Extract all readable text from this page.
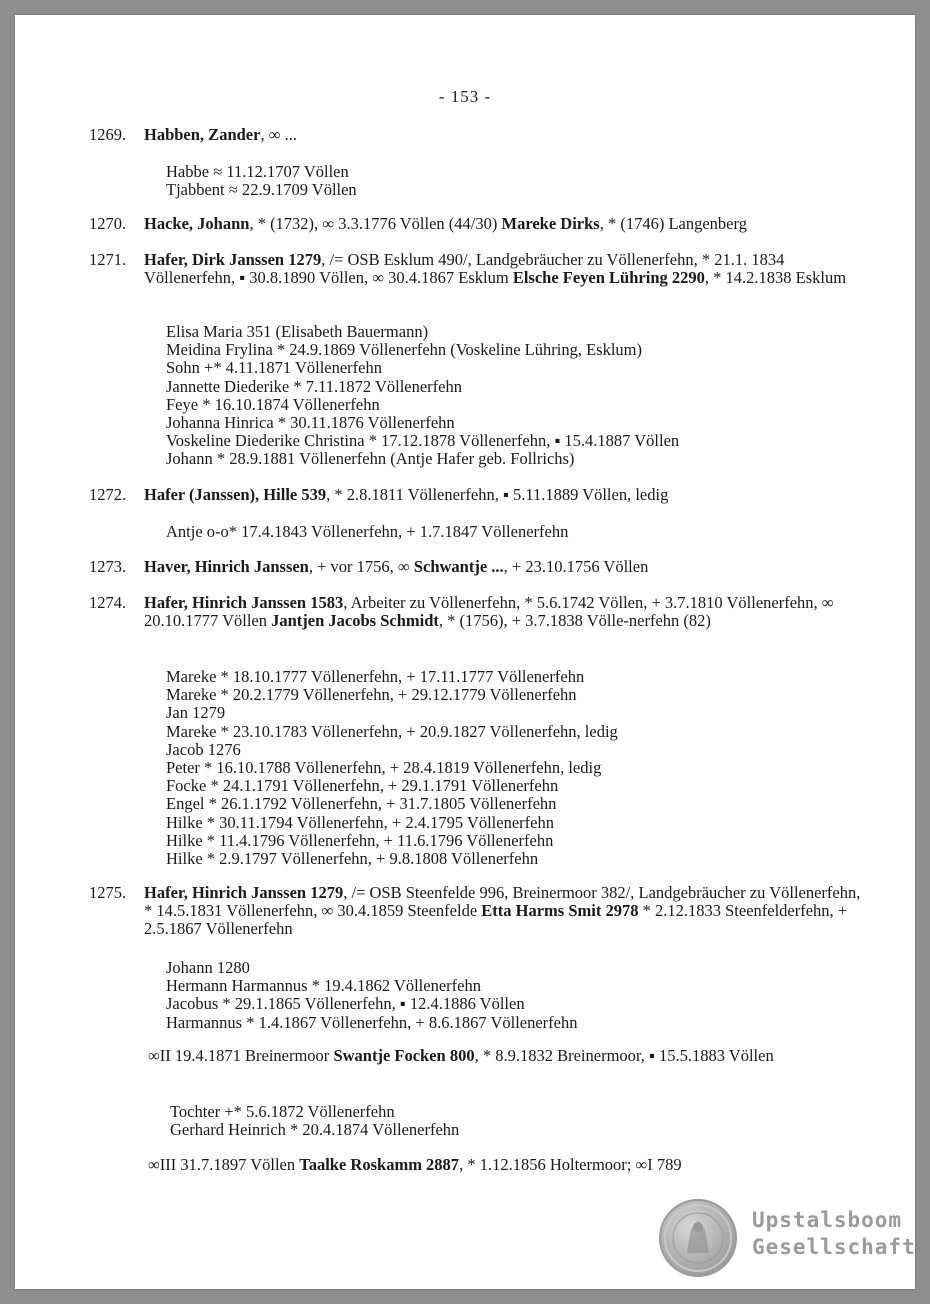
- 153 -
1269. Habben, Zander, ∞ ...
Habbe ≈ 11.12.1707 Völlen
Tjabbent ≈ 22.9.1709 Völlen
1270. Hacke, Johann, * (1732), ∞ 3.3.1776 Völlen (44/30) Mareke Dirks, * (1746) Langenberg
1271. Hafer, Dirk Janssen 1279, /= OSB Esklum 490/, Landgebräucher zu Völlenerfehn, * 21.1. 1834 Völlenerfehn, ▪ 30.8.1890 Völlen, ∞ 30.4.1867 Esklum Elsche Feyen Lühring 2290, * 14.2.1838 Esklum
Elisa Maria 351 (Elisabeth Bauermann)
Meidina Frylina * 24.9.1869 Völlenerfehn (Voskeline Lühring, Esklum)
Sohn +* 4.11.1871 Völlenerfehn
Jannette Diederike * 7.11.1872 Völlenerfehn
Feye * 16.10.1874 Völlenerfehn
Johanna Hinrica * 30.11.1876 Völlenerfehn
Voskeline Diederike Christina * 17.12.1878 Völlenerfehn, ▪ 15.4.1887 Völlen
Johann * 28.9.1881 Völlenerfehn (Antje Hafer geb. Follrichs)
1272. Hafer (Janssen), Hille 539, * 2.8.1811 Völlenerfehn, ▪ 5.11.1889 Völlen, ledig
Antje o-o* 17.4.1843 Völlenerfehn, + 1.7.1847 Völlenerfehn
1273. Haver, Hinrich Janssen, + vor 1756, ∞ Schwantje ..., + 23.10.1756 Völlen
1274. Hafer, Hinrich Janssen 1583, Arbeiter zu Völlenerfehn, * 5.6.1742 Völlen, + 3.7.1810 Völlenerfehn, ∞ 20.10.1777 Völlen Jantjen Jacobs Schmidt, * (1756), + 3.7.1838 Völle-nerfehn (82)
Mareke * 18.10.1777 Völlenerfehn, + 17.11.1777 Völlenerfehn
Mareke * 20.2.1779 Völlenerfehn, + 29.12.1779 Völlenerfehn
Jan 1279
Mareke * 23.10.1783 Völlenerfehn, + 20.9.1827 Völlenerfehn, ledig
Jacob 1276
Peter * 16.10.1788 Völlenerfehn, + 28.4.1819 Völlenerfehn, ledig
Focke * 24.1.1791 Völlenerfehn, + 29.1.1791 Völlenerfehn
Engel * 26.1.1792 Völlenerfehn, + 31.7.1805 Völlenerfehn
Hilke * 30.11.1794 Völlenerfehn, + 2.4.1795 Völlenerfehn
Hilke * 11.4.1796 Völlenerfehn, + 11.6.1796 Völlenerfehn
Hilke * 2.9.1797 Völlenerfehn, + 9.8.1808 Völlenerfehn
1275. Hafer, Hinrich Janssen 1279, /= OSB Steenfelde 996, Breinermoor 382/, Landgebräucher zu Völlenerfehn, * 14.5.1831 Völlenerfehn, ∞ 30.4.1859 Steenfelde Etta Harms Smit 2978 * 2.12.1833 Steenfelderfehn, + 2.5.1867 Völlenerfehn
Johann 1280
Hermann Harmannus * 19.4.1862 Völlenerfehn
Jacobus * 29.1.1865 Völlenerfehn, ▪ 12.4.1886 Völlen
Harmannus * 1.4.1867 Völlenerfehn, + 8.6.1867 Völlenerfehn
∞II 19.4.1871 Breinermoor Swantje Focken 800, * 8.9.1832 Breinermoor, ▪ 15.5.1883 Völlen
Tochter +* 5.6.1872 Völlenerfehn
Gerhard Heinrich * 20.4.1874 Völlenerfehn
∞III 31.7.1897 Völlen Taalke Roskamm 2887, * 1.12.1856 Holtermoor; ∞I 789
Upstalsboom
Gesellschaft
